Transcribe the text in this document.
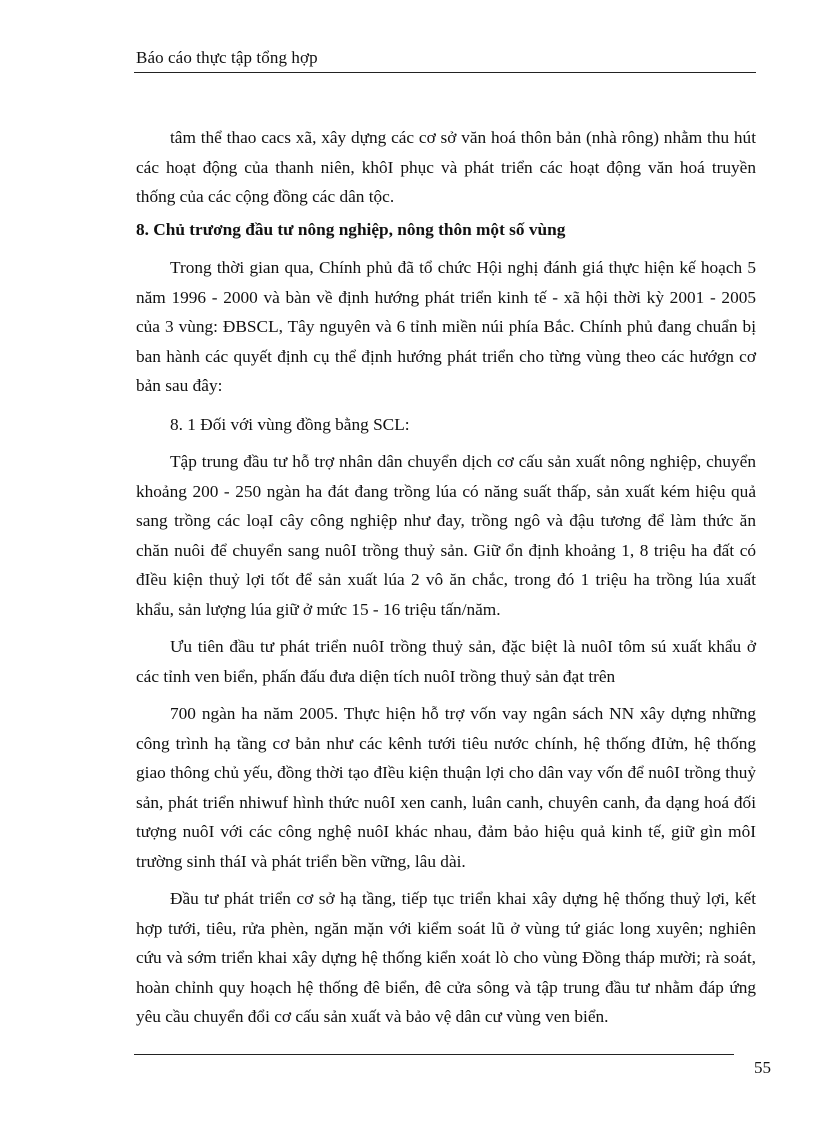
Báo cáo thực tập tổng hợp

tâm thể thao cacs xã, xây dựng các cơ sở văn hoá thôn bản (nhà rông) nhằm thu hút các hoạt động của thanh niên, khôI phục và phát triển các hoạt động văn hoá truyền thống của các cộng đồng các dân tộc.

8. Chủ trương đầu tư nông nghiệp, nông thôn một số vùng

Trong thời gian qua, Chính phủ đã tổ chức Hội nghị đánh giá thực hiện kế hoạch 5 năm 1996 - 2000 và bàn về định hướng phát triển kinh tế - xã hội thời kỳ 2001 - 2005 của 3 vùng: ĐBSCL, Tây nguyên và 6 tỉnh miền núi phía Bắc. Chính phủ đang chuẩn bị ban hành các quyết định cụ thể định hướng phát triển cho từng vùng theo các hướgn cơ bản sau đây:

8. 1 Đối với vùng đồng bằng SCL:

Tập trung đầu tư hỗ trợ nhân dân chuyển dịch cơ cấu sản xuất nông nghiệp, chuyển khoảng 200 - 250 ngàn ha đát đang trồng lúa có năng suất thấp, sản xuất kém hiệu quả sang trồng các loạI cây công nghiệp như đay, trồng ngô và đậu tương để làm thức ăn chăn nuôi để chuyển sang nuôI trồng thuỷ sản. Giữ ổn định khoảng 1, 8 triệu ha đất có đIều kiện thuỷ lợi tốt để sản xuất lúa 2 vô ăn chắc, trong đó 1 triệu ha trồng lúa xuất khẩu, sản lượng lúa giữ ở mức 15 - 16 triệu tấn/năm.

Ưu tiên đầu tư phát triển nuôI trồng thuỷ sản, đặc biệt là nuôI tôm sú xuất khẩu ở các tỉnh ven biển, phấn đấu đưa diện tích nuôI trồng thuỷ sản đạt trên

700 ngàn ha năm 2005. Thực hiện hỗ trợ vốn vay ngân sách NN xây dựng những công trình hạ tầng cơ bản như các kênh tưới tiêu nước chính, hệ thống đIửn, hệ thống giao thông chủ yếu, đồng thời tạo đIều kiện thuận lợi cho dân vay vốn để nuôI trồng thuỷ sản, phát triển nhiwuf hình thức nuôI xen canh, luân canh, chuyên canh, đa dạng hoá đối tượng nuôI với các công nghệ nuôI khác nhau, đảm bảo hiệu quả kinh tế, giữ gìn môI trường sinh tháI và phát triển bền vững, lâu dài.

Đầu tư phát triển cơ sở hạ tầng, tiếp tục triển khai xây dựng hệ thống thuỷ lợi, kết hợp tưới, tiêu, rửa phèn, ngăn mặn với kiểm soát lũ ở vùng tứ giác long xuyên; nghiên cứu và sớm triển khai xây dựng hệ thống kiển xoát lò cho vùng Đồng tháp mười; rà soát, hoàn chỉnh quy hoạch hệ thống đê biển, đê cửa sông và tập trung đầu tư nhằm đáp ứng yêu cầu chuyển đổi cơ cấu sản xuất và bảo vệ dân cư vùng ven biển.

55
